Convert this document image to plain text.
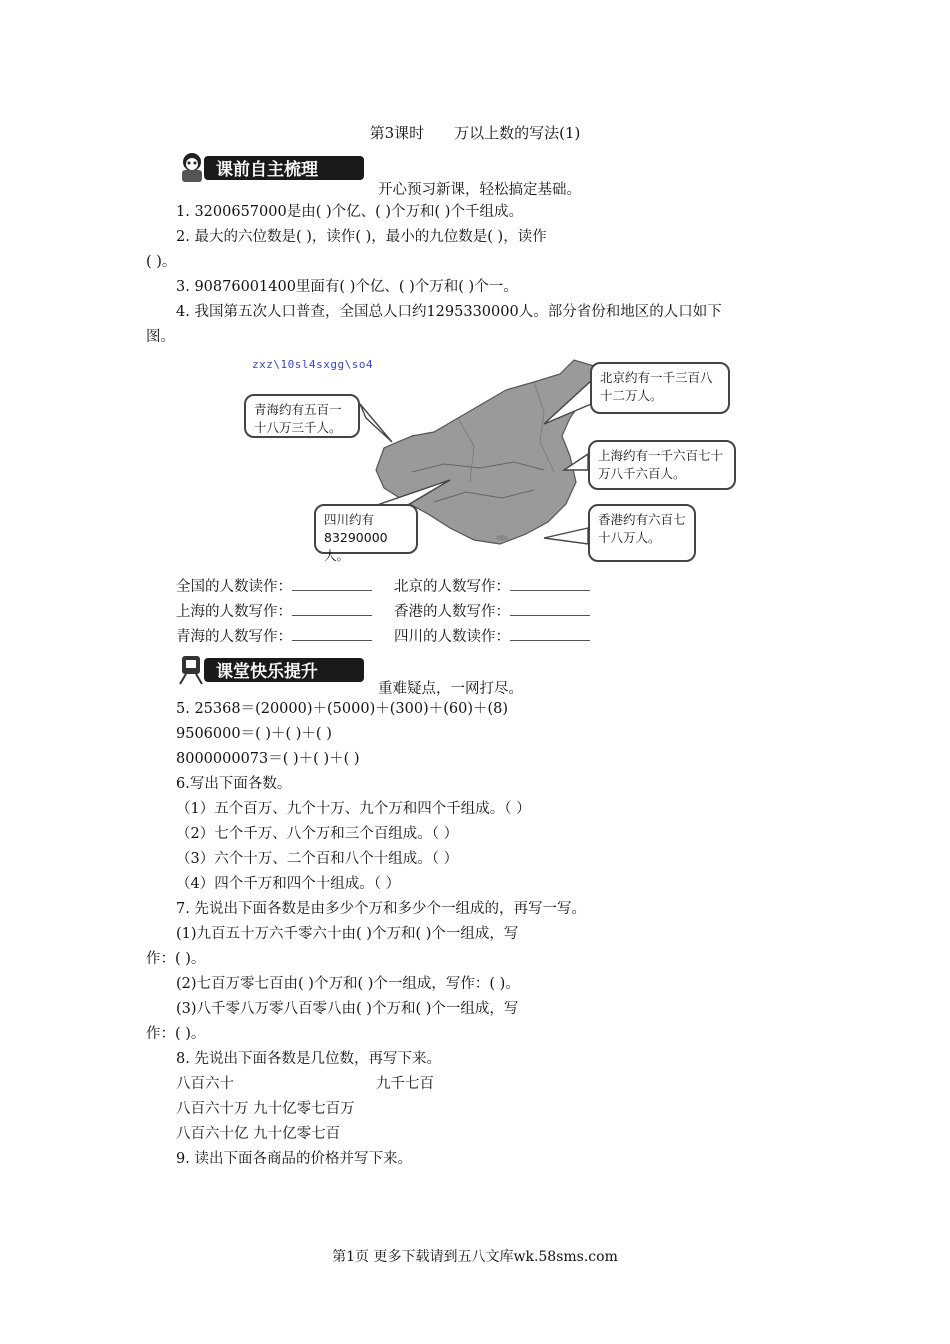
第3课时 万以上数的写法(1)
课前自主梳理
开心预习新课，轻松搞定基础。
1. 3200657000是由( )个亿、( )个万和( )个千组成。
2. 最大的六位数是( )，读作( )，最小的九位数是( )，读作
( )。
3. 90876001400里面有( )个亿、( )个万和( )个一。
4. 我国第五次人口普查，全国总人口约1295330000人。部分省份和地区的人口如下
图。
zxz\10sl4sxgg\so4
青海约有五百一十八万三千人。
北京约有一千三百八十二万人。
上海约有一千六百七十万八千六百人。
四川约有83290000人。
香港约有六百七十八万人。
全国的人数读作：	北京的人数写作：
上海的人数写作：	香港的人数写作：
青海的人数写作：	四川的人数读作：
课堂快乐提升
重难疑点，一网打尽。
5. 25368＝(20000)＋(5000)＋(300)＋(60)＋(8)
9506000＝( )＋( )＋( )
8000000073＝( )＋( )＋( )
6.写出下面各数。
（1）五个百万、九个十万、九个万和四个千组成。（ ）
（2）七个千万、八个万和三个百组成。（ ）
（3）六个十万、二个百和八个十组成。（ ）
（4）四个千万和四个十组成。（ ）
7. 先说出下面各数是由多少个万和多少个一组成的，再写一写。
(1)九百五十万六千零六十由( )个万和( )个一组成，写
作：( )。
(2)七百万零七百由( )个万和( )个一组成，写作：( )。
(3)八千零八万零八百零八由( )个万和( )个一组成，写
作：( )。
8. 先说出下面各数是几位数，再写下来。
八百六十	九千七百
八百六十万 九十亿零七百万
八百六十亿 九十亿零七百
9. 读出下面各商品的价格并写下来。
第1页 更多下载请到五八文库wk.58sms.com
